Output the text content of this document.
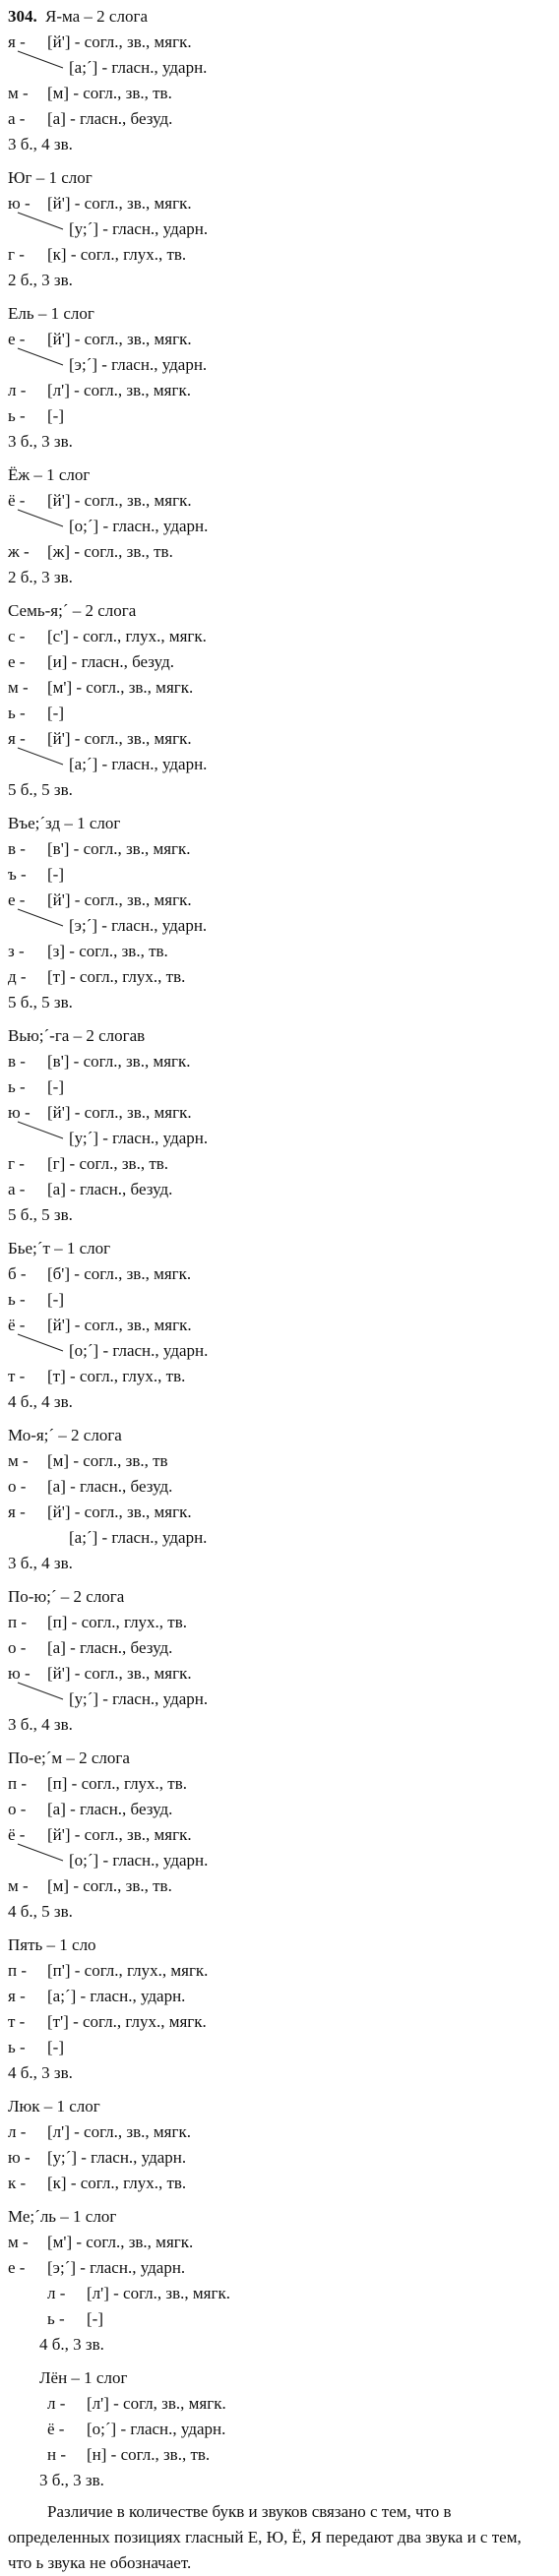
304. Я-ма – 2 слога
я - [й'] - согл., зв., мягк.
[а;´] - гласн., ударн.
м - [м] - согл., зв., тв.
а - [а] - гласн., безуд.
3 б., 4 зв.
Юг – 1 слог
ю - [й'] - согл., зв., мягк.
[у;´] - гласн., ударн.
г - [к] - согл., глух., тв.
2 б., 3 зв.
Ель – 1 слог
е - [й'] - согл., зв., мягк.
[э;´] - гласн., ударн.
л - [л'] - согл., зв., мягк.
ь - [-]
3 б., 3 зв.
Ёж – 1 слог
ё - [й'] - согл., зв., мягк.
[о;´] - гласн., ударн.
ж - [ж] - согл., зв., тв.
2 б., 3 зв.
Семь-я;´ – 2 слога
с - [с'] - согл., глух., мягк.
е - [и] - гласн., безуд.
м - [м'] - согл., зв., мягк.
ь - [-]
я - [й'] - согл., зв., мягк.
[а;´] - гласн., ударн.
5 б., 5 зв.
Въе;´зд – 1 слог
в - [в'] - согл., зв., мягк.
ъ - [-]
е - [й'] - согл., зв., мягк.
[э;´] - гласн., ударн.
з - [з] - согл., зв., тв.
д - [т] - согл., глух., тв.
5 б., 5 зв.
Вью;´-га – 2 слогав
в - [в'] - согл., зв., мягк.
ь - [-]
ю - [й'] - согл., зв., мягк.
[у;´] - гласн., ударн.
г - [г] - согл., зв., тв.
а - [а] - гласн., безуд.
5 б., 5 зв.
Бье;´т – 1 слог
б - [б'] - согл., зв., мягк.
ь - [-]
ё - [й'] - согл., зв., мягк.
[о;´] - гласн., ударн.
т - [т] - согл., глух., тв.
4 б., 4 зв.
Мо-я;´ – 2 слога
м - [м] - согл., зв., тв
о - [а] - гласн., безуд.
я - [й'] - согл., зв., мягк.
[а;´] - гласн., ударн.
3 б., 4 зв.
По-ю;´ – 2 слога
п - [п] - согл., глух., тв.
о - [а] - гласн., безуд.
ю - [й'] - согл., зв., мягк.
[у;´] - гласн., ударн.
3 б., 4 зв.
По-е;´м – 2 слога
п - [п] - согл., глух., тв.
о - [а] - гласн., безуд.
ё - [й'] - согл., зв., мягк.
[о;´] - гласн., ударн.
м - [м] - согл., зв., тв.
4 б., 5 зв.
Пять – 1 сло
п - [п'] - согл., глух., мягк.
я - [а;´] - гласн., ударн.
т - [т'] - согл., глух., мягк.
ь - [-]
4 б., 3 зв.
Люк – 1 слог
л - [л'] - согл., зв., мягк.
ю - [у;´] - гласн., ударн.
к - [к] - согл., глух., тв.
Ме;´ль – 1 слог
м - [м'] - согл., зв., мягк.
е - [э;´] - гласн., ударн.
л - [л'] - согл., зв., мягк.
ь - [-]
4 б., 3 зв.
Лён – 1 слог
л - [л'] - согл, зв., мягк.
ё - [о;´] - гласн., ударн.
н - [н] - согл., зв., тв.
3 б., 3 зв.
Различие в количестве букв и звуков связано с тем, что в определенных позициях гласный Е, Ю, Ё, Я передают два звука и с тем, что ь звука не обозначает.
